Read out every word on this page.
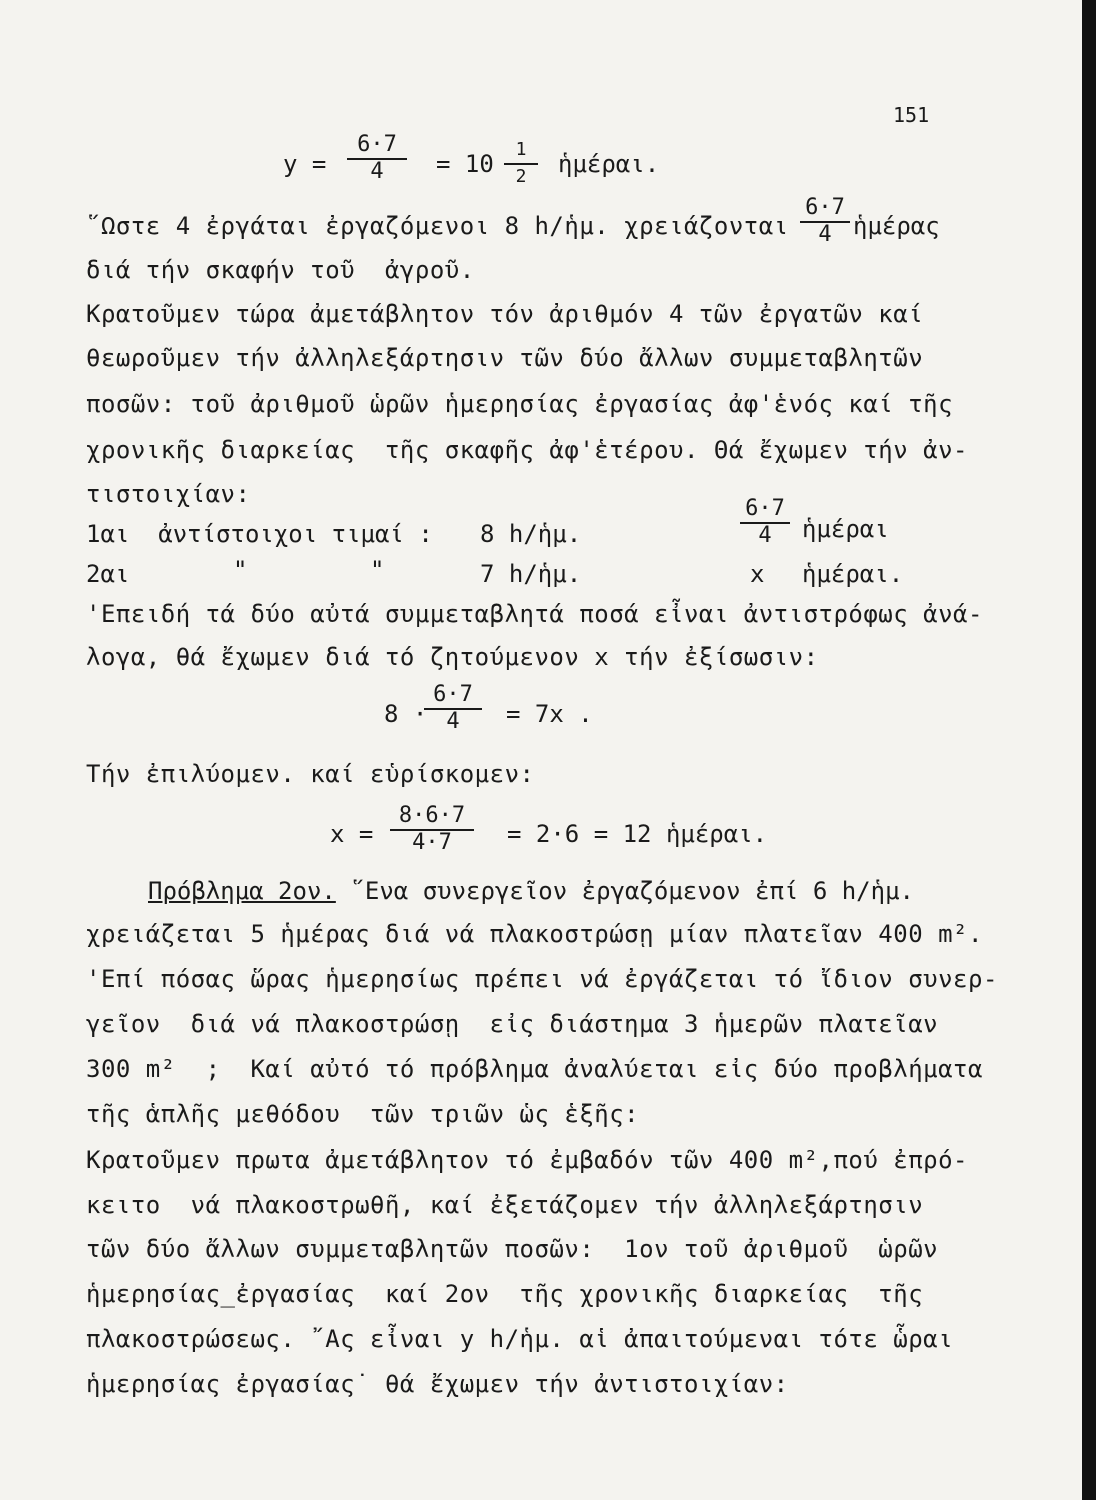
151
$y = \frac{6\cdot 7}{4} = 10 \frac{1}{2}$ ἡμέραι.
῞Ωστε 4 ἐργάται ἐργαζόμενοι 8 h/ἡμ. χρειάζονται $\frac{6\cdot 7}{4}$ ἡμέρας
διά τήν σκαφήν τοῦ  ἀγροῦ.
Κρατοῦμεν τώρα ἀμετάβλητον τόν ἀριθμόν 4 τῶν ἐργατῶν καί
θεωροῦμεν τήν ἀλληλεξάρτησιν τῶν δύο ἄλλων συμμεταβλητῶν
ποσῶν: τοῦ ἀριθμοῦ ὡρῶν ἡμερησίας ἐργασίας ἀφ'ἑνός καί τῆς
χρονικῆς διαρκείας  τῆς σκαφῆς ἀφ'ἑτέρου. Θά ἔχωμεν τήν ἀν-
τιστοιχίαν:
1αι  ἀντίστοιχοι τιμαί : 8 h/ἡμ.	$\frac{6\cdot 7}{4}$ ἡμέραι
2αι	"	"	7 h/ἡμ.	x ἡμέραι.
'Επειδή τά δύο αὐτά συμμεταβλητά ποσά εἶναι ἀντιστρόφως ἀνά-
λογα, θά ἔχωμεν διά τό ζητούμενον x τήν ἐξίσωσιν:
8 ·
$\frac{6\cdot 7}{4} = 7x$ .
Τήν ἐπιλύομεν. καί εὑρίσκομεν:
$x = \frac{8\cdot 6\cdot 7}{4\cdot 7} = 2\cdot 6 = 12$ ἡμέραι.
Πρόβλημα 2ον. ῞Ενα συνεργεῖον ἐργαζόμενον ἐπί 6 h/ἡμ.
χρειάζεται 5 ἡμέρας διά νά πλακοστρώσῃ μίαν πλατεῖαν 400 m².
'Επί πόσας ὥρας ἡμερησίως πρέπει νά ἐργάζεται τό ἴδιον συνερ-
γεῖον  διά νά πλακοστρώσῃ  εἰς διάστημα 3 ἡμερῶν πλατεῖαν
300 m²  ;  Καί αὐτό τό πρόβλημα ἀναλύεται εἰς δύο προβλήματα
τῆς ἁπλῆς μεθόδου  τῶν τριῶν ὡς ἑξῆς:
Κρατοῦμεν πρωτα ἀμετάβλητον τό ἐμβαδόν τῶν 400 m²,πού ἐπρό-
κειτο  νά πλακοστρωθῆ, καί ἐξετάζομεν τήν ἀλληλεξάρτησιν
τῶν δύο ἄλλων συμμεταβλητῶν ποσῶν:  1ον τοῦ ἀριθμοῦ  ὡρῶν
ἡμερησίας_ἐργασίας  καί 2ον  τῆς χρονικῆς διαρκείας  τῆς
πλακοστρώσεως. ῎Ας εἶναι y h/ἡμ. αἱ ἀπαιτούμεναι τότε ὧραι
ἡμερησίας ἐργασίας˙ θά ἔχωμεν τήν ἀντιστοιχίαν:
